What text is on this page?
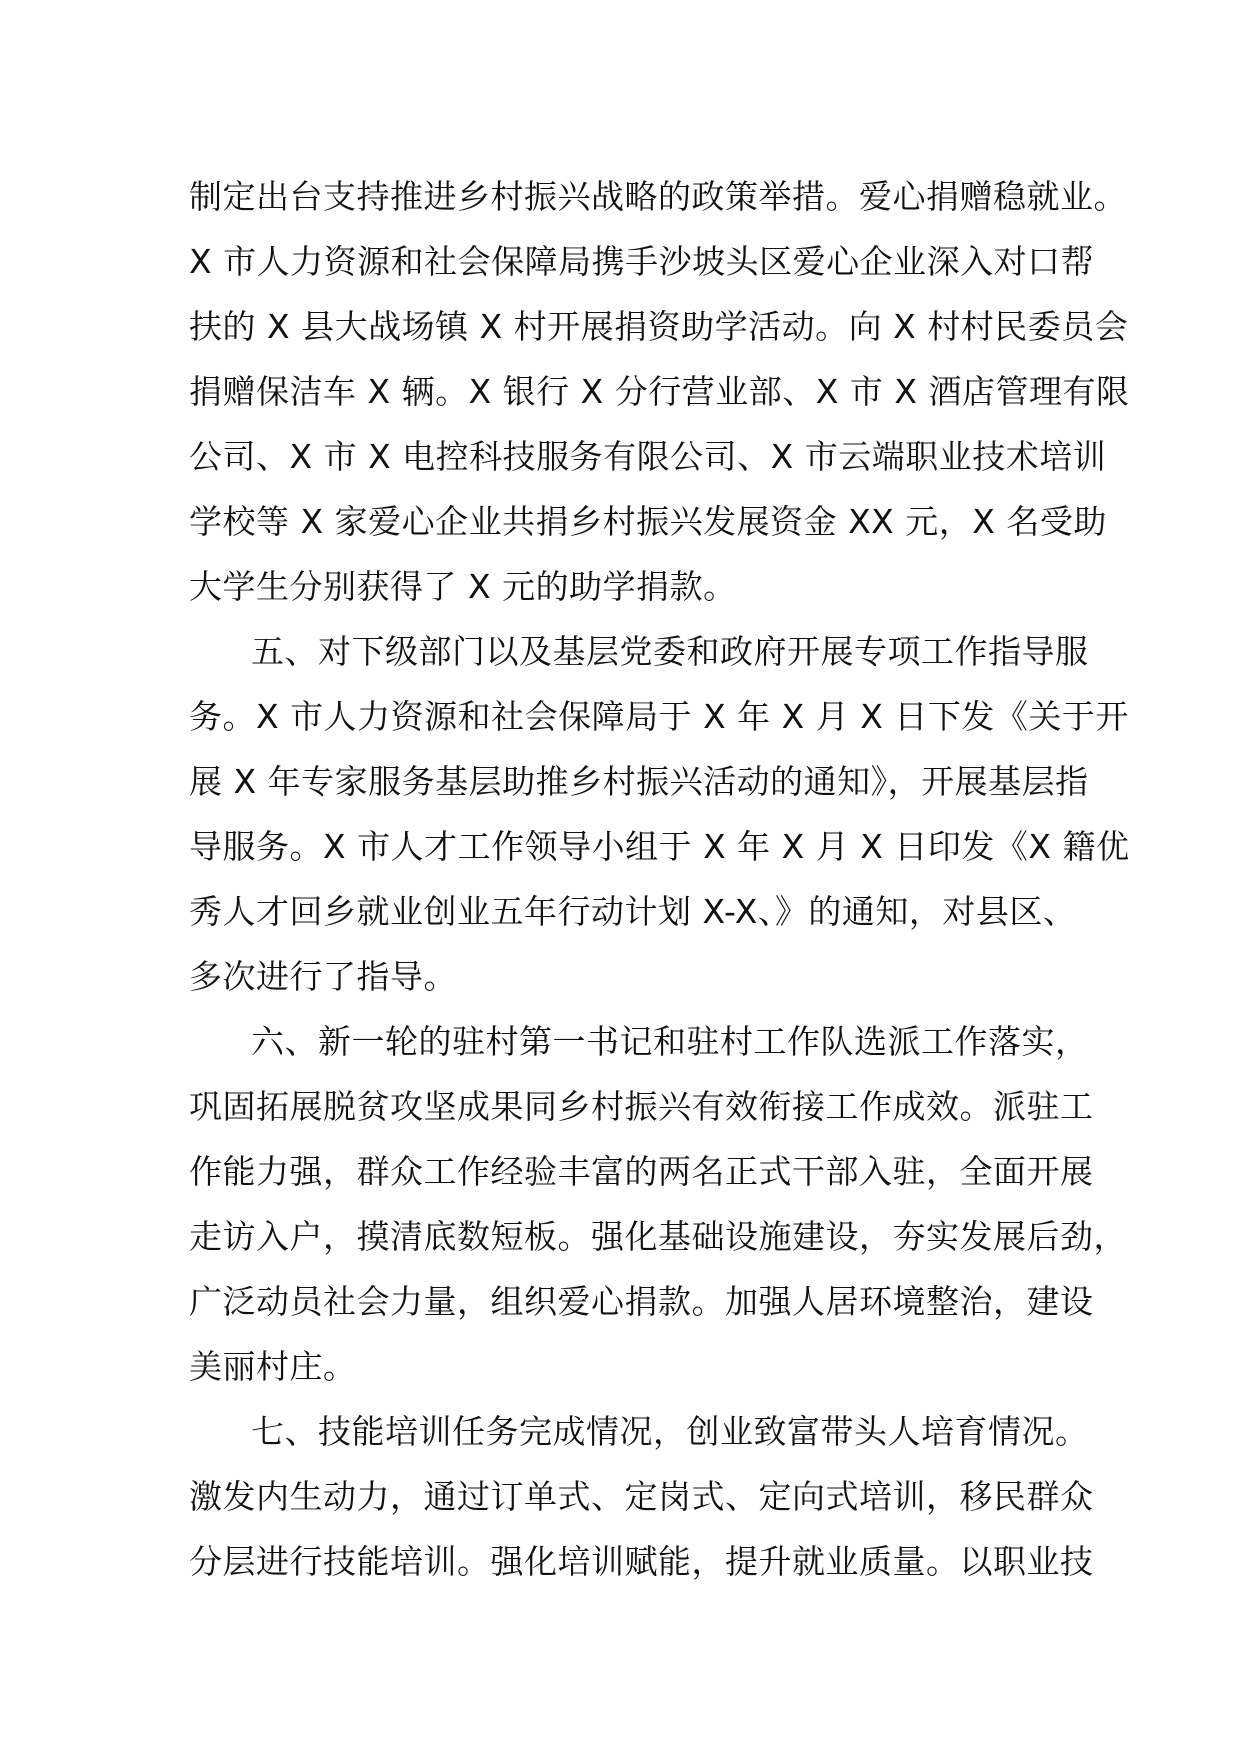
制定出台支持推进乡村振兴战略的政策举措。爱心捐赠稳就业。
X 市人力资源和社会保障局携手沙坡头区爱心企业深入对口帮
扶的 X 县大战场镇 X 村开展捐资助学活动。向 X 村村民委员会
捐赠保洁车 X 辆。X 银行 X 分行营业部、X 市 X 酒店管理有限
公司、X 市 X 电控科技服务有限公司、X 市云端职业技术培训
学校等 X 家爱心企业共捐乡村振兴发展资金 XX 元，X 名受助
大学生分别获得了 X 元的助学捐款。
五、对下级部门以及基层党委和政府开展专项工作指导服
务。X 市人力资源和社会保障局于 X 年 X 月 X 日下发《关于开
展 X 年专家服务基层助推乡村振兴活动的通知》，开展基层指
导服务。X 市人才工作领导小组于 X 年 X 月 X 日印发《X 籍优
秀人才回乡就业创业五年行动计划 X-X、》的通知，对县区、
多次进行了指导。
六、新一轮的驻村第一书记和驻村工作队选派工作落实，
巩固拓展脱贫攻坚成果同乡村振兴有效衔接工作成效。派驻工
作能力强，群众工作经验丰富的两名正式干部入驻，全面开展
走访入户，摸清底数短板。强化基础设施建设，夯实发展后劲，
广泛动员社会力量，组织爱心捐款。加强人居环境整治，建设
美丽村庄。
七、技能培训任务完成情况，创业致富带头人培育情况。
激发内生动力，通过订单式、定岗式、定向式培训，移民群众
分层进行技能培训。强化培训赋能，提升就业质量。以职业技
